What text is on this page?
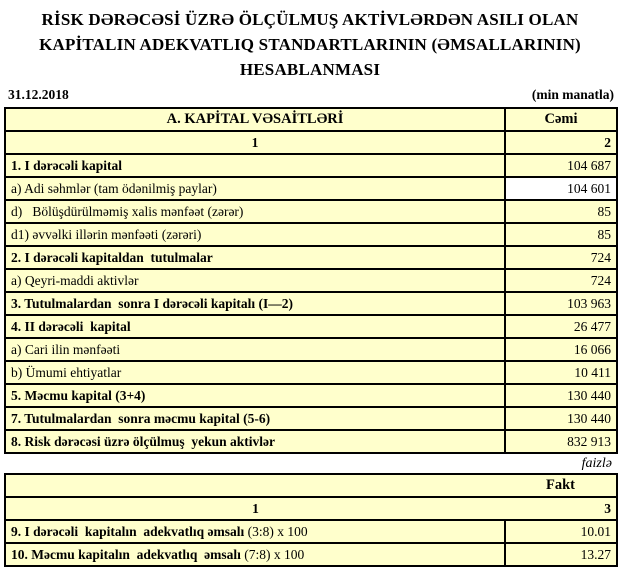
RİSK DƏRƏCƏSİ ÜZRƏ ÖLÇÜLMUŞ AKTİVLƏRDƏN ASILI OLAN
KAPİTALIN ADEKVATLIQ STANDARTLARININ (ƏMSALLARININ)
HESABLANMASI
31.12.2018	(min manatla)
A. KAPİTAL VƏSAİTLƏRİ	Cəmi
1	2
1. I dərəcəli kapital	104 687
a) Adi səhmlər (tam ödənilmiş paylar)	104 601
d)   Bölüşdürülməmiş xalis mənfəət (zərər)	85
d1) əvvəlki illərin mənfəəti (zərəri)	85
2. I dərəcəli kapitaldan  tutulmalar	724
a) Qeyri-maddi aktivlər	724
3. Tutulmalardan  sonra I dərəcəli kapitalı (I—2)	103 963
4. II dərəcəli  kapital	26 477
a) Cari ilin mənfəəti	16 066
b) Ümumi ehtiyatlar	10 411
5. Məcmu kapital (3+4)	130 440
7. Tutulmalardan  sonra məcmu kapital (5-6)	130 440
8. Risk dərəcəsi üzrə ölçülmuş  yekun aktivlər	832 913
faizlə
	Fakt
1	3
9. I dərəcəli  kapitalın  adekvatlıq əmsalı (3:8) x 100	10.01
10. Məcmu kapitalın  adekvatlıq  əmsalı (7:8) x 100	13.27
